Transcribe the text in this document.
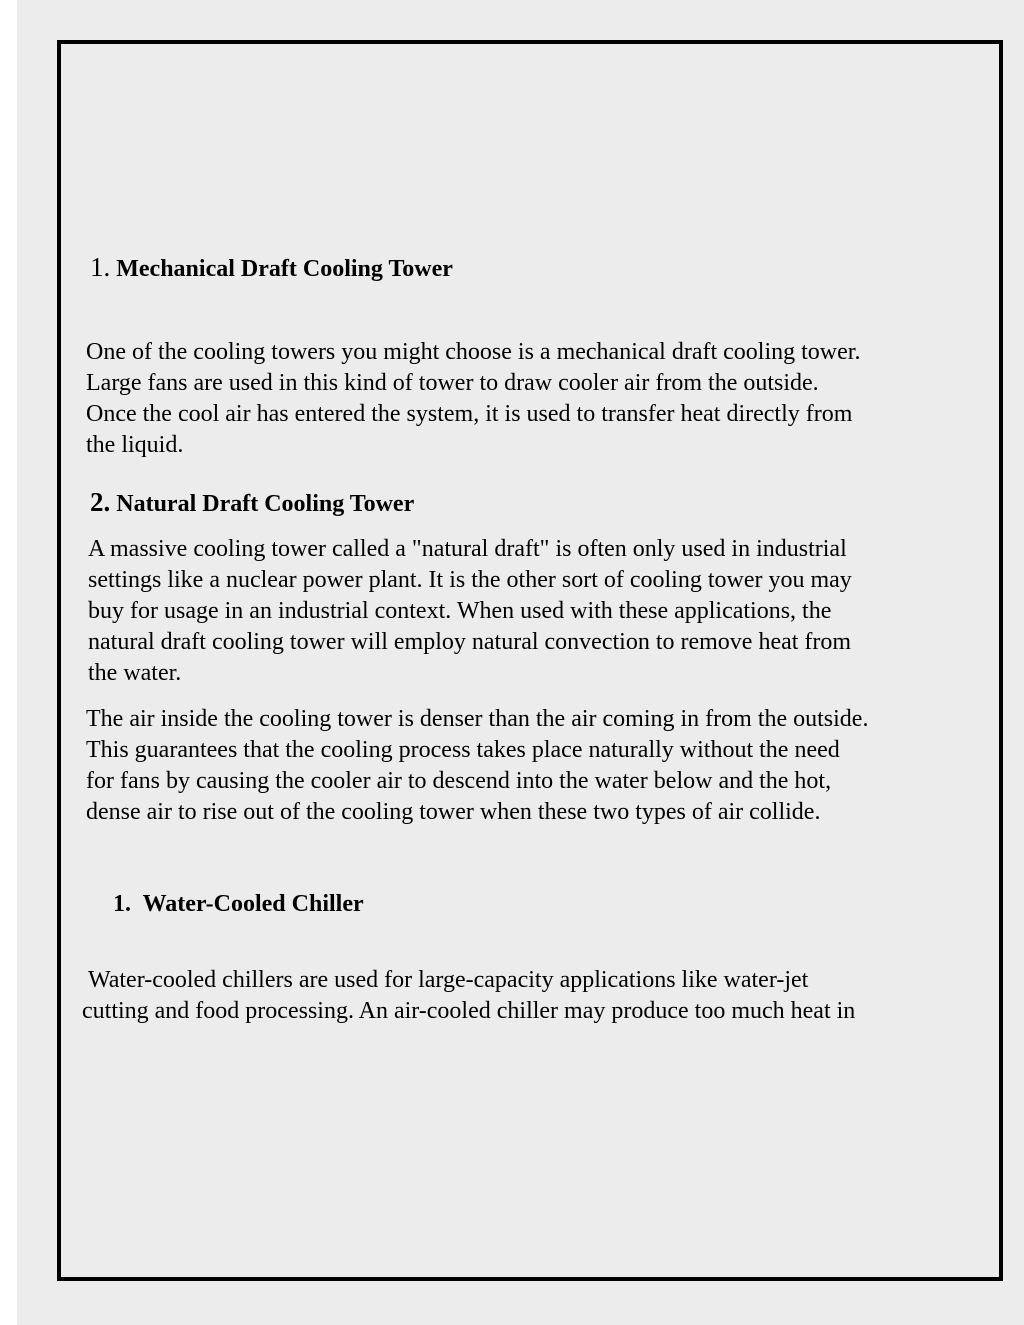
1. Mechanical Draft Cooling Tower
One of the cooling towers you might choose is a mechanical draft cooling tower.
Large fans are used in this kind of tower to draw cooler air from the outside.
Once the cool air has entered the system, it is used to transfer heat directly from
the liquid.
2. Natural Draft Cooling Tower
A massive cooling tower called a "natural draft" is often only used in industrial
settings like a nuclear power plant. It is the other sort of cooling tower you may
buy for usage in an industrial context. When used with these applications, the
natural draft cooling tower will employ natural convection to remove heat from
the water.
The air inside the cooling tower is denser than the air coming in from the outside.
This guarantees that the cooling process takes place naturally without the need
for fans by causing the cooler air to descend into the water below and the hot,
dense air to rise out of the cooling tower when these two types of air collide.
1. Water-Cooled Chiller
Water-cooled chillers are used for large-capacity applications like water-jet
cutting and food processing. An air-cooled chiller may produce too much heat in
